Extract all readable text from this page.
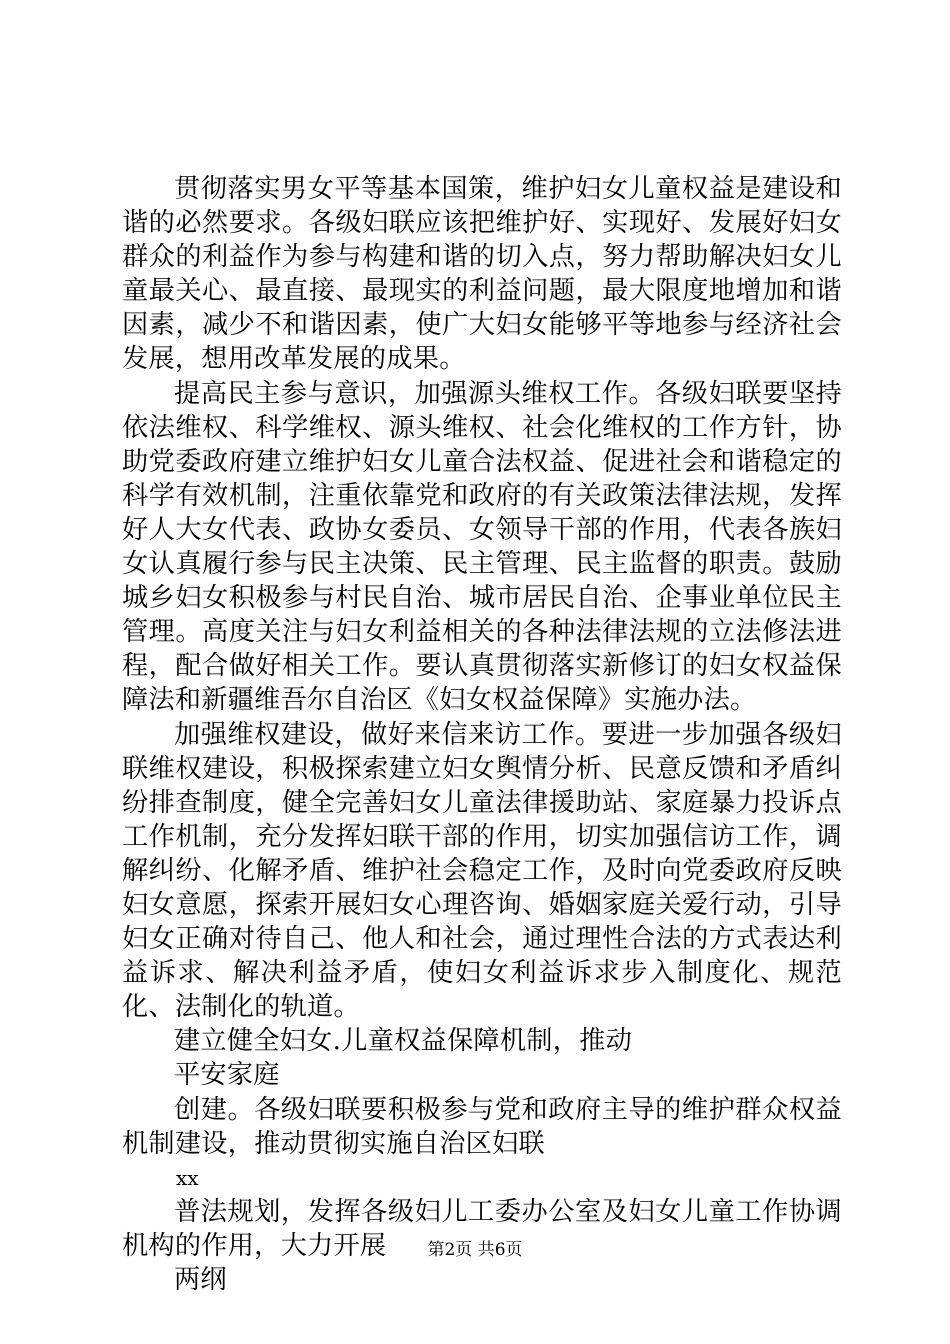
贯彻落实男女平等基本国策，维护妇女儿童权益是建设和谐的必然要求。各级妇联应该把维护好、实现好、发展好妇女群众的利益作为参与构建和谐的切入点，努力帮助解决妇女儿童最关心、最直接、最现实的利益问题，最大限度地增加和谐因素，减少不和谐因素，使广大妇女能够平等地参与经济社会发展，想用改革发展的成果。

提高民主参与意识，加强源头维权工作。各级妇联要坚持依法维权、科学维权、源头维权、社会化维权的工作方针，协助党委政府建立维护妇女儿童合法权益、促进社会和谐稳定的科学有效机制，注重依靠党和政府的有关政策法律法规，发挥好人大女代表、政协女委员、女领导干部的作用，代表各族妇女认真履行参与民主决策、民主管理、民主监督的职责。鼓励城乡妇女积极参与村民自治、城市居民自治、企事业单位民主管理。高度关注与妇女利益相关的各种法律法规的立法修法进程，配合做好相关工作。要认真贯彻落实新修订的妇女权益保障法和新疆维吾尔自治区《妇女权益保障》实施办法。

加强维权建设，做好来信来访工作。要进一步加强各级妇联维权建设，积极探索建立妇女舆情分析、民意反馈和矛盾纠纷排查制度，健全完善妇女儿童法律援助站、家庭暴力投诉点工作机制，充分发挥妇联干部的作用，切实加强信访工作，调解纠纷、化解矛盾、维护社会稳定工作，及时向党委政府反映妇女意愿，探索开展妇女心理咨询、婚姻家庭关爱行动，引导妇女正确对待自己、他人和社会，通过理性合法的方式表达利益诉求、解决利益矛盾，使妇女利益诉求步入制度化、规范化、法制化的轨道。

建立健全妇女.儿童权益保障机制，推动

平安家庭

创建。各级妇联要积极参与党和政府主导的维护群众权益机制建设，推动贯彻实施自治区妇联

xx

普法规划，发挥各级妇儿工委办公室及妇女儿童工作协调机构的作用，大力开展

两纲

第2页 共6页
